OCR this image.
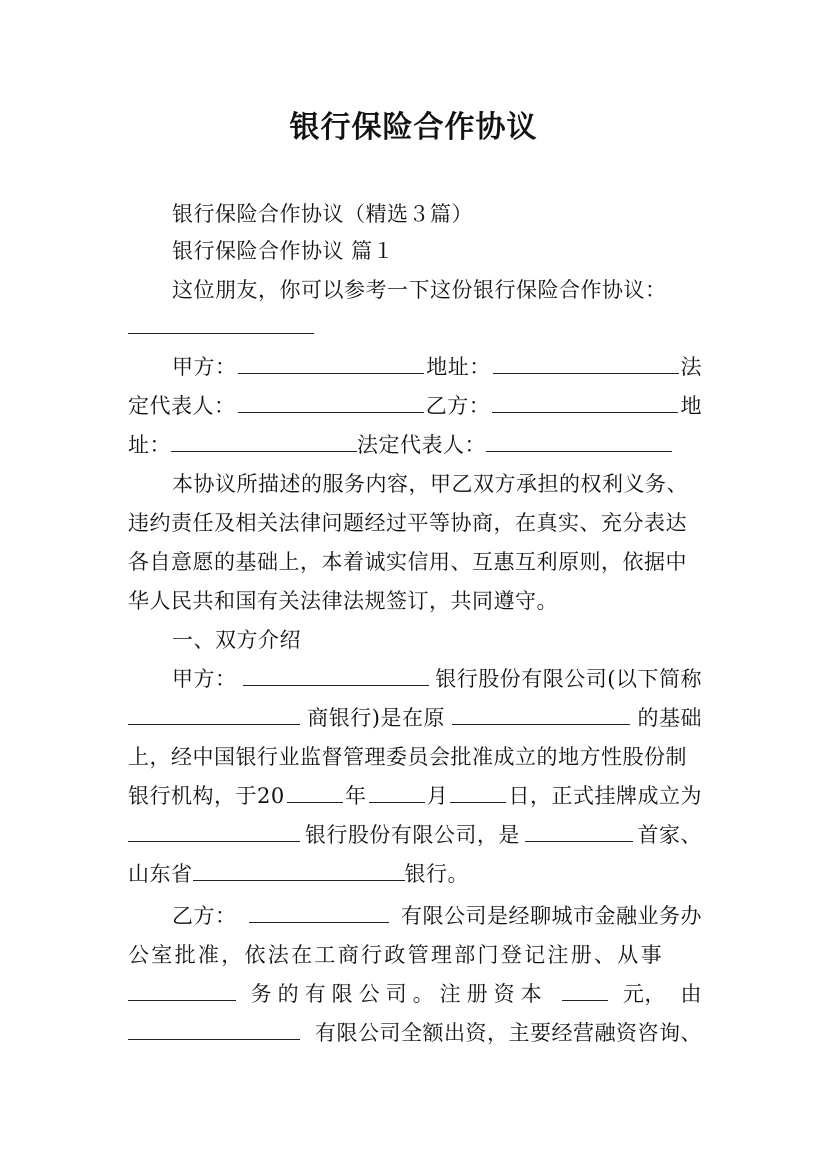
银行保险合作协议
银行保险合作协议（精选３篇）
银行保险合作协议 篇１
这位朋友，你可以参考一下这份银行保险合作协议：
甲方：	地址：	法
定代表人：	乙方：	地
址：	法定代表人：
本协议所描述的服务内容，甲乙双方承担的权利义务、
违约责任及相关法律问题经过平等协商，在真实、充分表达
各自意愿的基础上，本着诚实信用、互惠互利原则，依据中
华人民共和国有关法律法规签订，共同遵守。
一、双方介绍
甲方：	银行股份有限公司(以下简称
商银行)是在原	的基础
上，经中国银行业监督管理委员会批准成立的地方性股份制
银行机构，于20	年	月	日，正式挂牌成立为
银行股份有限公司，是	首家、
山东省	银行。
乙方：	有限公司是经聊城市金融业务办
公室批准，依法在工商行政管理部门登记注册、从事
务的有限公司。注册资本	元， 由
有限公司全额出资，主要经营融资咨询、
